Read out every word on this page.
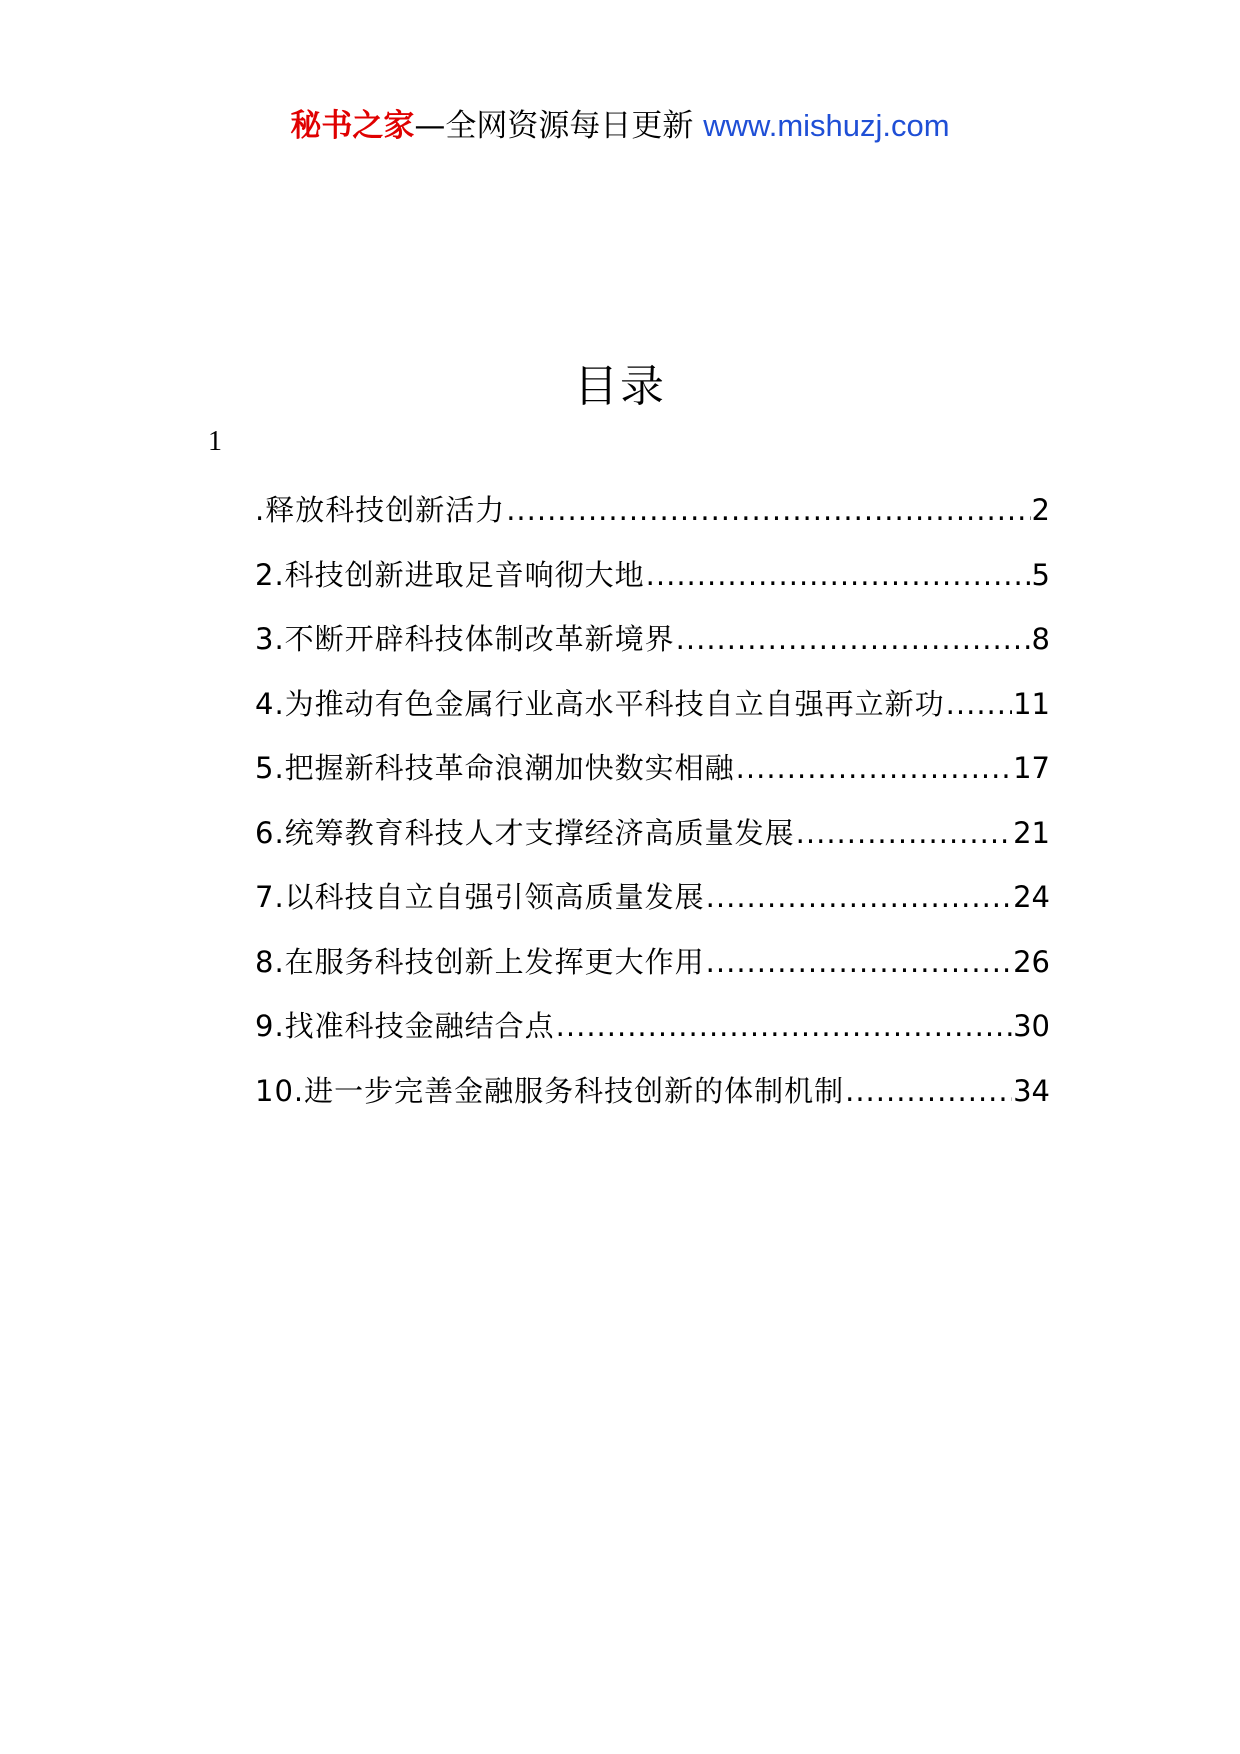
秘书之家—全网资源每日更新 www.mishuzj.com
目录
1
.释放科技创新活力 .....	2
2.科技创新进取足音响彻大地 .....	5
3.不断开辟科技体制改革新境界 .....	8
4.为推动有色金属行业高水平科技自立自强再立新功 ..... 11
5.把握新科技革命浪潮加快数实相融 .....	17
6.统筹教育科技人才支撑经济高质量发展 .....	21
7.以科技自立自强引领高质量发展 .....	24
8.在服务科技创新上发挥更大作用 .....	26
9.找准科技金融结合点 .....	30
10.进一步完善金融服务科技创新的体制机制 .....	34
